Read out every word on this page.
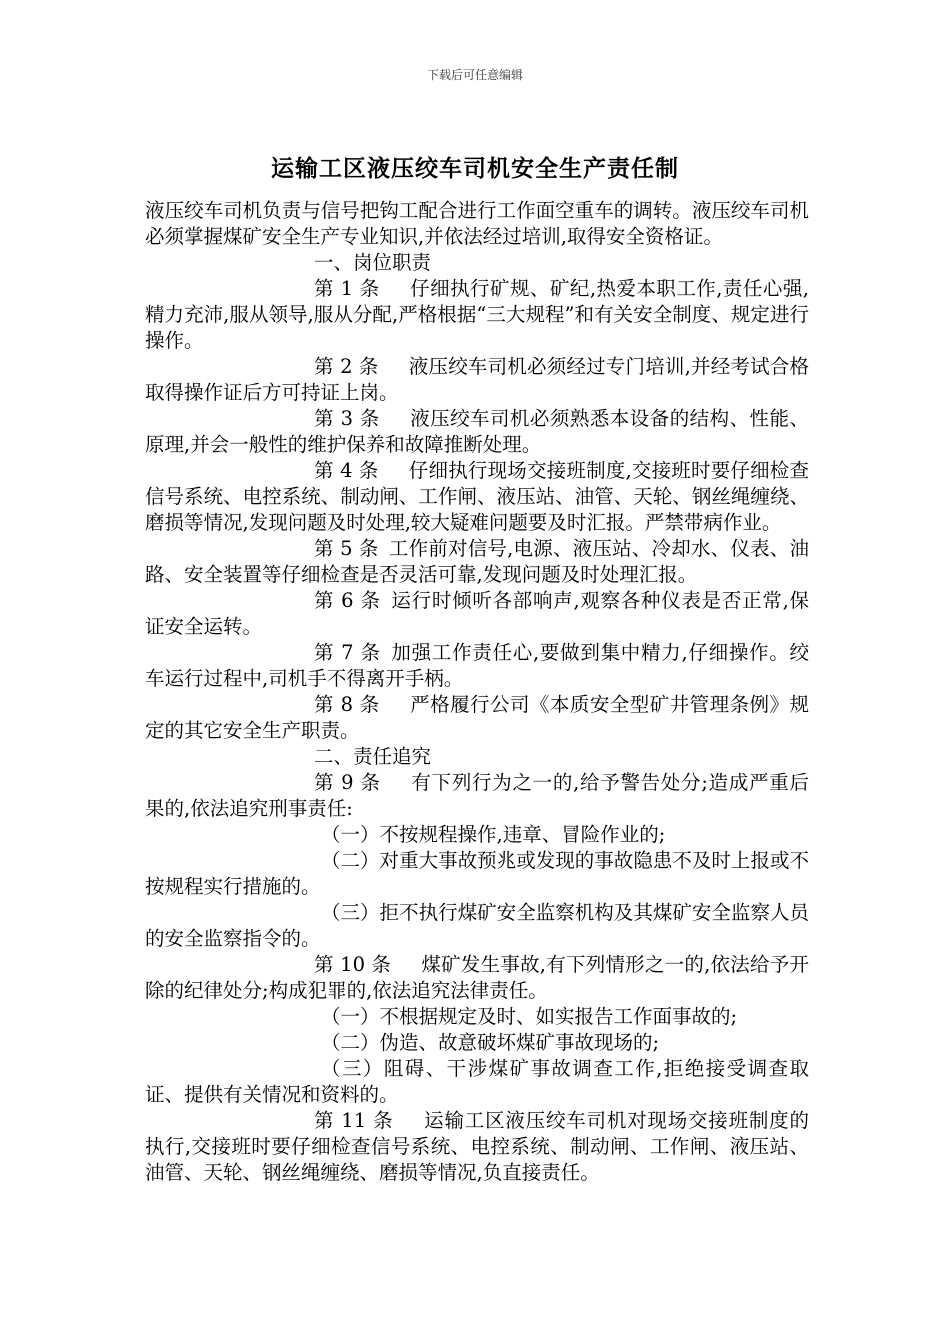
下载后可任意编辑
运输工区液压绞车司机安全生产责任制

液压绞车司机负责与信号把钩工配合进行工作面空重车的调转。液压绞车司机必须掌握煤矿安全生产专业知识,并依法经过培训,取得安全资格证。

一、岗位职责

第 1 条 仔细执行矿规、矿纪,热爱本职工作,责任心强,精力充沛,服从领导,服从分配,严格根据“三大规程”和有关安全制度、规定进行操作。

第 2 条 液压绞车司机必须经过专门培训,并经考试合格取得操作证后方可持证上岗。

第 3 条 液压绞车司机必须熟悉本设备的结构、性能、原理,并会一般性的维护保养和故障推断处理。

第 4 条 仔细执行现场交接班制度,交接班时要仔细检查信号系统、电控系统、制动闸、工作闸、液压站、油管、天轮、钢丝绳缠绕、磨损等情况,发现问题及时处理,较大疑难问题要及时汇报。严禁带病作业。

第 5 条 工作前对信号,电源、液压站、冷却水、仪表、油路、安全装置等仔细检查是否灵活可靠,发现问题及时处理汇报。

第 6 条 运行时倾听各部响声,观察各种仪表是否正常,保证安全运转。

第 7 条 加强工作责任心,要做到集中精力,仔细操作。绞车运行过程中,司机手不得离开手柄。

第 8 条 严格履行公司《本质安全型矿井管理条例》规定的其它安全生产职责。

二、责任追究

第 9 条 有下列行为之一的,给予警告处分;造成严重后果的,依法追究刑事责任:

（一）不按规程操作,违章、冒险作业的;

（二）对重大事故预兆或发现的事故隐患不及时上报或不按规程实行措施的。

（三）拒不执行煤矿安全监察机构及其煤矿安全监察人员的安全监察指令的。

第 10 条 煤矿发生事故,有下列情形之一的,依法给予开除的纪律处分;构成犯罪的,依法追究法律责任。

（一）不根据规定及时、如实报告工作面事故的;

（二）伪造、故意破坏煤矿事故现场的;

（三）阻碍、干涉煤矿事故调查工作,拒绝接受调查取证、提供有关情况和资料的。

第 11 条 运输工区液压绞车司机对现场交接班制度的执行,交接班时要仔细检查信号系统、电控系统、制动闸、工作闸、液压站、油管、天轮、钢丝绳缠绕、磨损等情况,负直接责任。
